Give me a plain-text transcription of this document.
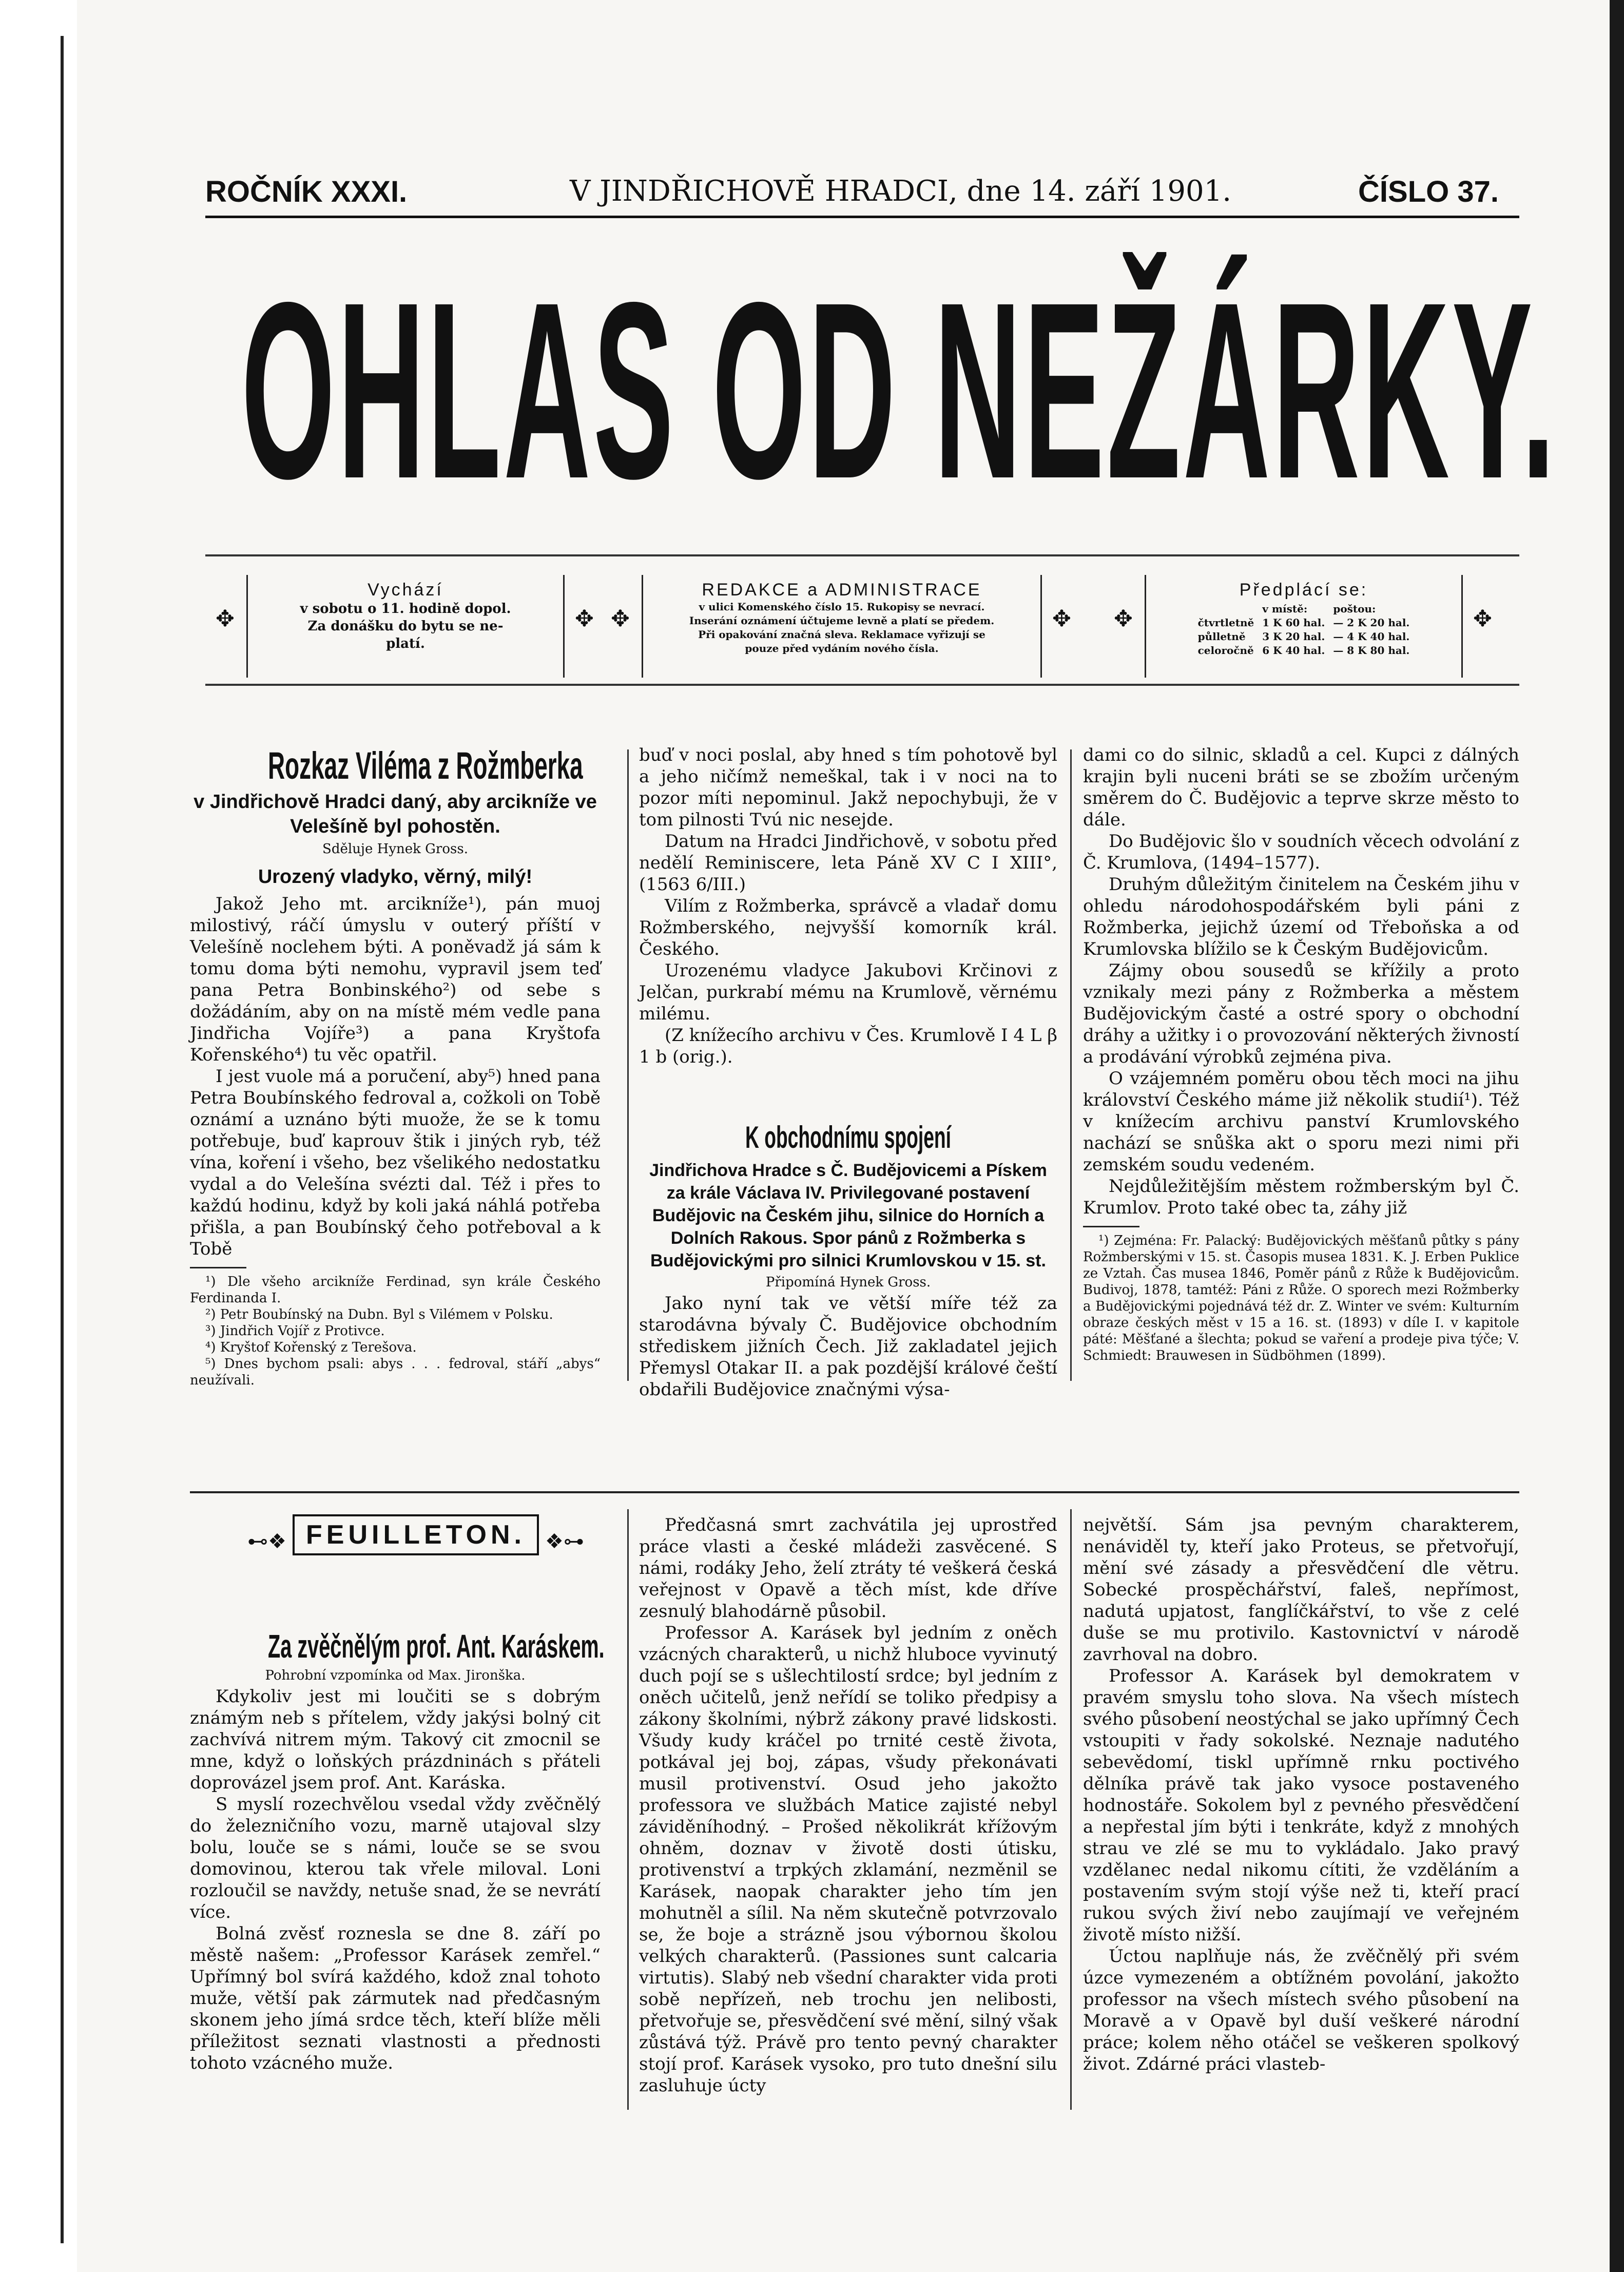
ROČNÍK XXXI.	V JINDŘICHOVĚ HRADCI, dne 14. září 1901.	ČÍSLO 37.
OHLAS OD NEŽÁRKY.
✥
Vychází
v sobotu o 11. hodině dopol.
Za donášku do bytu se ne-
platí.
✥ ✥
REDAKCE a ADMINISTRACE
v ulici Komenského číslo 15. Rukopisy se nevrací.
Inserání oznámení účtujeme levně a platí se předem.
Při opakování značná sleva. Reklamace vyřizují se
pouze před vydáním nového čísla.
✥ ✥
Předplácí se:
	v místě:	poštou:
čtvrtletně	1 K 60 hal.	— 2 K 20 hal.
půlletně	3 K 20 hal.	— 4 K 40 hal.
celoročně	6 K 40 hal.	— 8 K 80 hal.
✥
Rozkaz Viléma z Rožmberka
v Jindřichově Hradci daný, aby arcikníže ve Velešíně byl pohostěn.
Sděluje Hynek Gross.
Urozený vladyko, věrný, milý!

Jakož Jeho mt. arcikníže¹), pán muoj milostivý, ráčí úmyslu v outerý příští v Velešíně noclehem býti. A poněvadž já sám k tomu doma býti nemohu, vypravil jsem teď pana Petra Bonbinského²) od sebe s dožádáním, aby on na místě mém vedle pana Jindřicha Vojíře³) a pana Kryštofa Kořenského⁴) tu věc opatřil.

I jest vuole má a poručení, aby⁵) hned pana Petra Boubínského fedroval a, cožkoli on Tobě oznámí a uznáno býti muože, že se k tomu potřebuje, buď kaprouv štik i jiných ryb, též vína, koření i všeho, bez všelikého nedostatku vydal a do Velešína svézti dal. Též i přes to každú hodinu, když by koli jaká náhlá potřeba přišla, a pan Boubínský čeho potřeboval a k Tobě

¹) Dle všeho arcikníže Ferdinad, syn krále Českého Ferdinanda I.

²) Petr Boubínský na Dubn. Byl s Vilémem v Polsku.

³) Jindřich Vojíř z Protivce.

⁴) Kryštof Kořenský z Terešova.

⁵) Dnes bychom psali: abys . . . fedroval, stáří „abys“ neužívali.

buď v noci poslal, aby hned s tím pohotově byl a jeho ničímž nemeškal, tak i v noci na to pozor míti nepominul. Jakž nepochybuji, že v tom pilnosti Tvú nic nesejde.

Datum na Hradci Jindřichově, v sobotu před nedělí Reminiscere, leta Páně XV C I XIII°, (1563 6/III.)

Vilím z Rožmberka, správcě a vladař domu Rožmberského, nejvyšší komorník král. Českého.

Urozenému vladyce Jakubovi Krčinovi z Jelčan, purkrabí mému na Krumlově, věrnému milému.

(Z knížecího archivu v Čes. Krumlově I 4 L β 1 b (orig.).

K obchodnímu spojení
Jindřichova Hradce s Č. Budějovicemi a Pískem za krále Václava IV. Privilegované postavení Budějovic na Českém jihu, silnice do Horních a Dolních Rakous. Spor pánů z Rožmberka s Budějovickými pro silnici Krumlovskou v 15. st.
Připomíná Hynek Gross.

Jako nyní tak ve větší míře též za starodávna bývaly Č. Budějovice obchodním střediskem jižních Čech. Již zakladatel jejich Přemysl Otakar II. a pak pozdější králové čeští obdařili Budějovice značnými výsa-

dami co do silnic, skladů a cel. Kupci z dálných krajin byli nuceni bráti se se zbožím určeným směrem do Č. Budějovic a teprve skrze město to dále.

Do Budějovic šlo v soudních věcech odvolání z Č. Krumlova, (1494–1577).

Druhým důležitým činitelem na Českém jihu v ohledu národohospodářském byli páni z Rožmberka, jejichž území od Třeboňska a od Krumlovska blížilo se k Českým Budějovicům.

Zájmy obou sousedů se křížily a proto vznikaly mezi pány z Rožmberka a městem Budějovickým časté a ostré spory o obchodní dráhy a užitky i o provozování některých živností a prodávání výrobků zejména piva.

O vzájemném poměru obou těch moci na jihu království Českého máme již několik studií¹). Též v knížecím archivu panství Krumlovského nachází se snůška akt o sporu mezi nimi při zemském soudu vedeném.

Nejdůležitějším městem rožmberským byl Č. Krumlov. Proto také obec ta, záhy již

¹) Zejména: Fr. Palacký: Budějovických měšťanů půtky s pány Rožmberskými v 15. st. Časopis musea 1831. K. J. Erben Puklice ze Vztah. Čas musea 1846, Poměr pánů z Růže k Budějovicům. Budivoj, 1878, tamtéž: Páni z Růže. O sporech mezi Rožmberky a Budějovickými pojednává též dr. Z. Winter ve svém: Kulturním obraze českých měst v 15 a 16. st. (1893) v díle I. v kapitole páté: Měšťané a šlechta; pokud se vaření a prodeje piva týče; V. Schmiedt: Brauwesen in Südböhmen (1899).

⊷❖ FEUILLETON. ❖⊶
Za zvěčnělým prof. Ant. Karáskem.
Pohrobní vzpomínka od Max. Jironška.

Kdykoliv jest mi loučiti se s dobrým známým neb s přítelem, vždy jakýsi bolný cit zachvívá nitrem mým. Takový cit zmocnil se mne, když o loňských prázdninách s přáteli doprovázel jsem prof. Ant. Karáska.

S myslí rozechvělou vsedal vždy zvěčnělý do železničního vozu, marně utajoval slzy bolu, louče se s námi, louče se se svou domovinou, kterou tak vřele miloval. Loni rozloučil se navždy, netuše snad, že se nevrátí více.

Bolná zvěsť roznesla se dne 8. září po městě našem: „Professor Karásek zemřel.“ Upřímný bol svírá každého, kdož znal tohoto muže, větší pak zármutek nad předčasným skonem jeho jímá srdce těch, kteří blíže měli příležitost seznati vlastnosti a přednosti tohoto vzácného muže.

Předčasná smrt zachvátila jej uprostřed práce vlasti a české mládeži zasvěcené. S námi, rodáky Jeho, želí ztráty té veškerá česká veřejnost v Opavě a těch míst, kde dříve zesnulý blahodárně působil.

Professor A. Karásek byl jedním z oněch vzácných charakterů, u nichž hluboce vyvinutý duch pojí se s ušlechtilostí srdce; byl jedním z oněch učitelů, jenž neřídí se toliko předpisy a zákony školními, nýbrž zákony pravé lidskosti. Všudy kudy kráčel po trnité cestě života, potkával jej boj, zápas, všudy překonávati musil protivenství. Osud jeho jakožto professora ve službách Matice zajisté nebyl záviděníhodný. – Prošed několikrát křížovým ohněm, doznav v životě dosti útisku, protivenství a trpkých zklamání, nezměnil se Karásek, naopak charakter jeho tím jen mohutněl a sílil. Na něm skutečně potvrzovalo se, že boje a strázně jsou výbornou školou velkých charakterů. (Passiones sunt calcaria virtutis). Slabý neb všední charakter vida proti sobě nepřízeň, neb trochu jen nelibosti, přetvořuje se, přesvědčení své mění, silný však zůstává týž. Právě pro tento pevný charakter stojí prof. Karásek vysoko, pro tuto dnešní silu zasluhuje úcty

největší. Sám jsa pevným charakterem, nenáviděl ty, kteří jako Proteus, se přetvořují, mění své zásady a přesvědčení dle větru. Sobecké prospěchářství, faleš, nepřímost, nadutá upjatost, fanglíčkářství, to vše z celé duše se mu protivilo. Kastovnictví v národě zavrhoval na dobro.

Professor A. Karásek byl demokratem v pravém smyslu toho slova. Na všech místech svého působení neostýchal se jako upřímný Čech vstoupiti v řady sokolské. Neznaje nadutého sebevědomí, tiskl upřímně rnku poctivého dělníka právě tak jako vysoce postaveného hodnostáře. Sokolem byl z pevného přesvědčení a nepřestal jím býti i tenkráte, když z mnohých strau ve zlé se mu to vykládalo. Jako pravý vzdělanec nedal nikomu cítiti, že vzděláním a postavením svým stojí výše než ti, kteří prací rukou svých živí nebo zaujímají ve veřejném životě místo nižší.

Úctou naplňuje nás, že zvěčnělý při svém úzce vymezeném a obtížném povolání, jakožto professor na všech místech svého působení na Moravě a v Opavě byl duší veškeré národní práce; kolem něho otáčel se veškeren spolkový život. Zdárné práci vlasteb-
